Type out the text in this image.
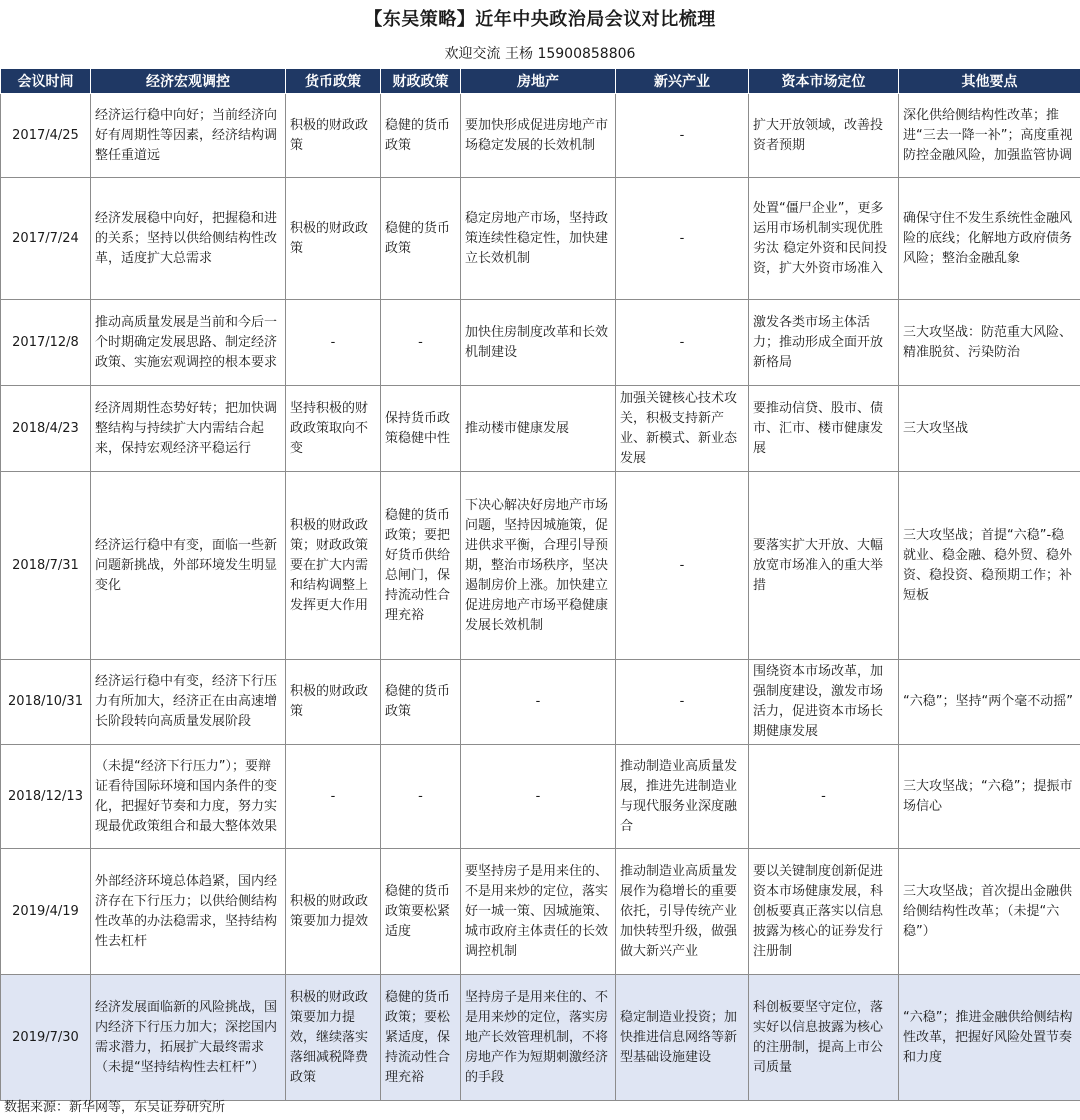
【东吴策略】近年中央政治局会议对比梳理
欢迎交流 王杨 15900858806
会议时间	经济宏观调控	货币政策	财政政策	房地产	新兴产业	资本市场定位	其他要点
2017/4/25	经济运行稳中向好；当前经济向好有周期性等因素，经济结构调整任重道远	积极的财政政策	稳健的货币政策	要加快形成促进房地产市场稳定发展的长效机制	-	扩大开放领域，改善投资者预期	深化供给侧结构性改革；推进“三去一降一补”；高度重视防控金融风险，加强监管协调
2017/7/24	经济发展稳中向好，把握稳和进的关系；坚持以供给侧结构性改革，适度扩大总需求	积极的财政政策	稳健的货币政策	稳定房地产市场，坚持政策连续性稳定性，加快建立长效机制	-	处置“僵尸企业”，更多运用市场机制实现优胜劣汰 稳定外资和民间投资，扩大外资市场准入	确保守住不发生系统性金融风险的底线；化解地方政府债务风险；整治金融乱象
2017/12/8	推动高质量发展是当前和今后一个时期确定发展思路、制定经济政策、实施宏观调控的根本要求	-	-	加快住房制度改革和长效机制建设	-	激发各类市场主体活力；推动形成全面开放新格局	三大攻坚战：防范重大风险、精准脱贫、污染防治
2018/4/23	经济周期性态势好转；把加快调整结构与持续扩大内需结合起来，保持宏观经济平稳运行	坚持积极的财政政策取向不变	保持货币政策稳健中性	推动楼市健康发展	加强关键核心技术攻关，积极支持新产业、新模式、新业态发展	要推动信贷、股市、债市、汇市、楼市健康发展	三大攻坚战
2018/7/31	经济运行稳中有变，面临一些新问题新挑战，外部环境发生明显变化	积极的财政政策；财政政策要在扩大内需和结构调整上发挥更大作用	稳健的货币政策；要把好货币供给总闸门，保持流动性合理充裕	下决心解决好房地产市场问题，坚持因城施策，促进供求平衡，合理引导预期，整治市场秩序，坚决遏制房价上涨。加快建立促进房地产市场平稳健康发展长效机制	-	要落实扩大开放、大幅放宽市场准入的重大举措	三大攻坚战；首提“六稳”-稳就业、稳金融、稳外贸、稳外资、稳投资、稳预期工作；补短板
2018/10/31	经济运行稳中有变，经济下行压力有所加大，经济正在由高速增长阶段转向高质量发展阶段	积极的财政政策	稳健的货币政策	-	-	围绕资本市场改革，加强制度建设，激发市场活力，促进资本市场长期健康发展	“六稳”；坚持“两个毫不动摇”
2018/12/13	（未提“经济下行压力”）；要辩证看待国际环境和国内条件的变化，把握好节奏和力度，努力实现最优政策组合和最大整体效果	-	-	-	推动制造业高质量发展，推进先进制造业与现代服务业深度融合	-	三大攻坚战；“六稳”；提振市场信心
2019/4/19	外部经济环境总体趋紧，国内经济存在下行压力；以供给侧结构性改革的办法稳需求，坚持结构性去杠杆	积极的财政政策要加力提效	稳健的货币政策要松紧适度	要坚持房子是用来住的、不是用来炒的定位，落实好一城一策、因城施策、城市政府主体责任的长效调控机制	推动制造业高质量发展作为稳增长的重要依托，引导传统产业加快转型升级，做强做大新兴产业	要以关键制度创新促进资本市场健康发展，科创板要真正落实以信息披露为核心的证券发行注册制	三大攻坚战；首次提出金融供给侧结构性改革；（未提“六稳”）
2019/7/30	经济发展面临新的风险挑战，国内经济下行压力加大；深挖国内需求潜力，拓展扩大最终需求（未提“坚持结构性去杠杆”）	积极的财政政策要加力提效，继续落实落细减税降费政策	稳健的货币政策；要松紧适度，保持流动性合理充裕	坚持房子是用来住的、不是用来炒的定位，落实房地产长效管理机制，不将房地产作为短期刺激经济的手段	稳定制造业投资；加快推进信息网络等新型基础设施建设	科创板要坚守定位，落实好以信息披露为核心的注册制，提高上市公司质量	“六稳”；推进金融供给侧结构性改革，把握好风险处置节奏和力度
数据来源：新华网等，东吴证券研究所
